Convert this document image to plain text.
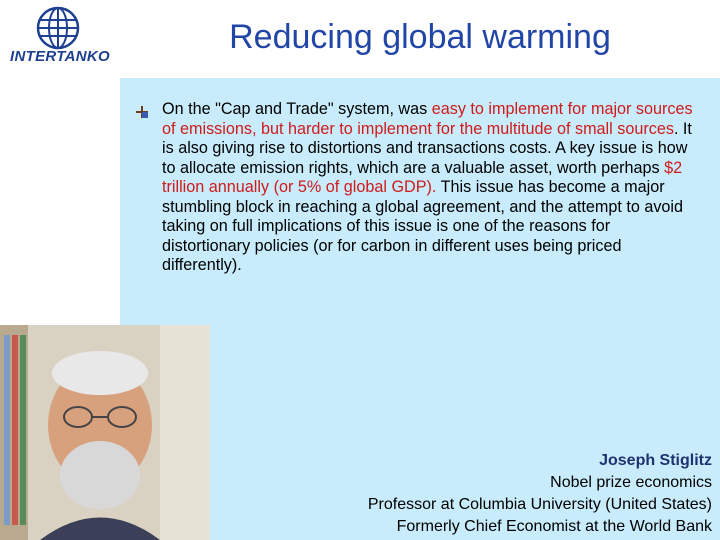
INTERTANKO
Reducing global warming
On the "Cap and Trade" system, was easy to implement for major sources of emissions, but harder to implement for the multitude of small sources. It is also giving rise to distortions and transactions costs. A key issue is how to allocate emission rights, which are a valuable asset, worth perhaps $2 trillion annually (or 5% of global GDP). This issue has become a major stumbling block in reaching a global agreement, and the attempt to avoid taking on full implications of this issue is one of the reasons for distortionary policies (or for carbon in different uses being priced differently).
Joseph Stiglitz
Nobel prize economics
Professor at Columbia University (United States)
Formerly Chief Economist at the World Bank
